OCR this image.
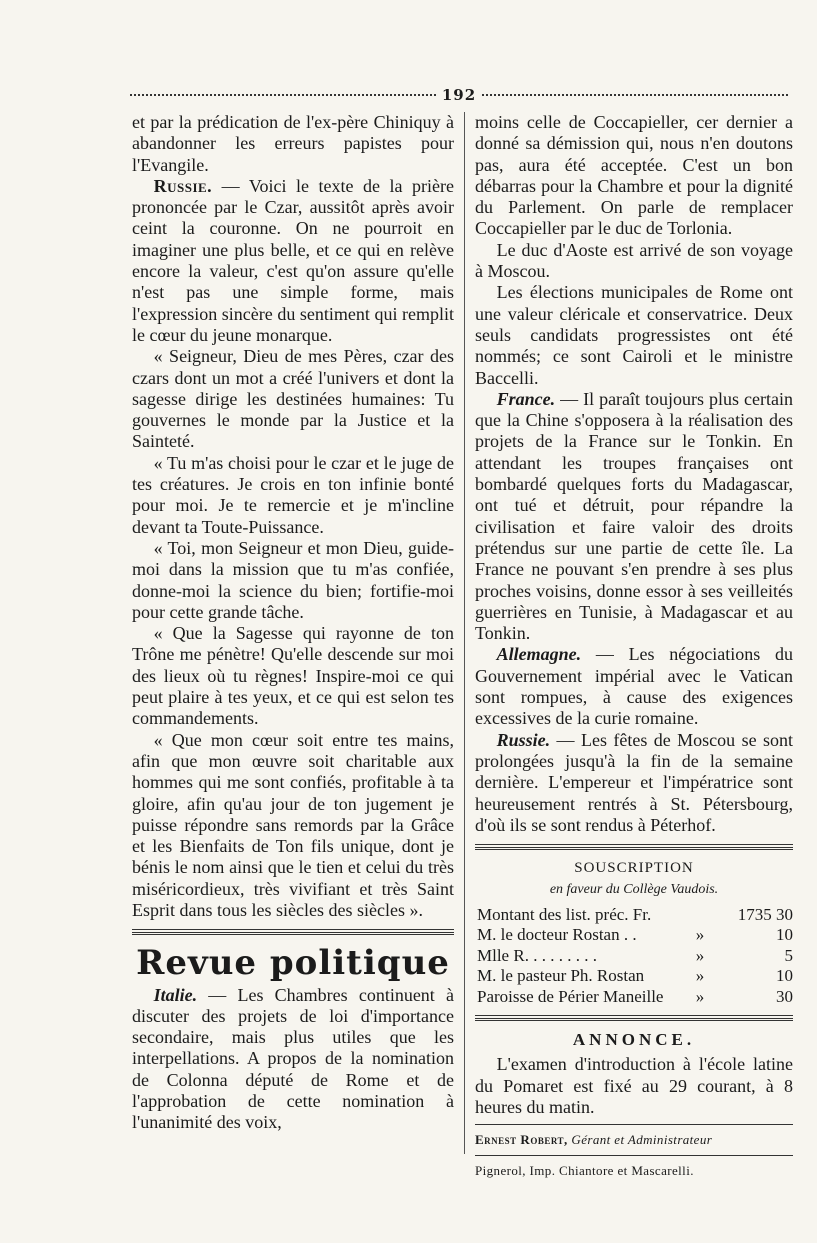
192

et par la prédication de l'ex-père Chiniquy à abandonner les erreurs papistes pour l'Evangile.

Russie. — Voici le texte de la prière prononcée par le Czar, aussitôt après avoir ceint la couronne. On ne pourroit en imaginer une plus belle, et ce qui en relève encore la valeur, c'est qu'on assure qu'elle n'est pas une simple forme, mais l'expression sincère du sentiment qui remplit le cœur du jeune monarque.

« Seigneur, Dieu de mes Pères, czar des czars dont un mot a créé l'univers et dont la sagesse dirige les destinées humaines: Tu gouvernes le monde par la Justice et la Sainteté.

« Tu m'as choisi pour le czar et le juge de tes créatures. Je crois en ton infinie bonté pour moi. Je te remercie et je m'incline devant ta Toute-Puissance.

« Toi, mon Seigneur et mon Dieu, guide-moi dans la mission que tu m'as confiée, donne-moi la science du bien; fortifie-moi pour cette grande tâche.

« Que la Sagesse qui rayonne de ton Trône me pénètre! Qu'elle descende sur moi des lieux où tu règnes! Inspire-moi ce qui peut plaire à tes yeux, et ce qui est selon tes commandements.

« Que mon cœur soit entre tes mains, afin que mon œuvre soit charitable aux hommes qui me sont confiés, profitable à ta gloire, afin qu'au jour de ton jugement je puisse répondre sans remords par la Grâce et les Bienfaits de Ton fils unique, dont je bénis le nom ainsi que le tien et celui du très miséricordieux, très vivifiant et très Saint Esprit dans tous les siècles des siècles ».

Revue politique

Italie. — Les Chambres continuent à discuter des projets de loi d'importance secondaire, mais plus utiles que les interpellations. A propos de la nomination de Colonna député de Rome et de l'approbation de cette nomination à l'unanimité des voix,

moins celle de Coccapieller, cer dernier a donné sa démission qui, nous n'en doutons pas, aura été acceptée. C'est un bon débarras pour la Chambre et pour la dignité du Parlement. On parle de remplacer Coccapieller par le duc de Torlonia.

Le duc d'Aoste est arrivé de son voyage à Moscou.

Les élections municipales de Rome ont une valeur cléricale et conservatrice. Deux seuls candidats progressistes ont été nommés; ce sont Cairoli et le ministre Baccelli.

France. — Il paraît toujours plus certain que la Chine s'opposera à la réalisation des projets de la France sur le Tonkin. En attendant les troupes françaises ont bombardé quelques forts du Madagascar, ont tué et détruit, pour répandre la civilisation et faire valoir des droits prétendus sur une partie de cette île. La France ne pouvant s'en prendre à ses plus proches voisins, donne essor à ses veilleités guerrières en Tunisie, à Madagascar et au Tonkin.

Allemagne. — Les négociations du Gouvernement impérial avec le Vatican sont rompues, à cause des exigences excessives de la curie romaine.

Russie. — Les fêtes de Moscou se sont prolongées jusqu'à la fin de la semaine dernière. L'empereur et l'impératrice sont heureusement rentrés à St. Pétersbourg, d'où ils se sont rendus à Péterhof.

SOUSCRIPTION
en faveur du Collège Vaudois.
Montant des list. préc. Fr.	1735 30
M. le docteur Rostan . .	»	10
Mlle R. . . . . . . . .	»	5
M. le pasteur Ph. Rostan	»	10
Paroisse de Périer Maneille	»	30
ANNONCE.

L'examen d'introduction à l'école latine du Pomaret est fixé au 29 courant, à 8 heures du matin.

Ernest Robert, Gérant et Administrateur

Pignerol, Imp. Chiantore et Mascarelli.
